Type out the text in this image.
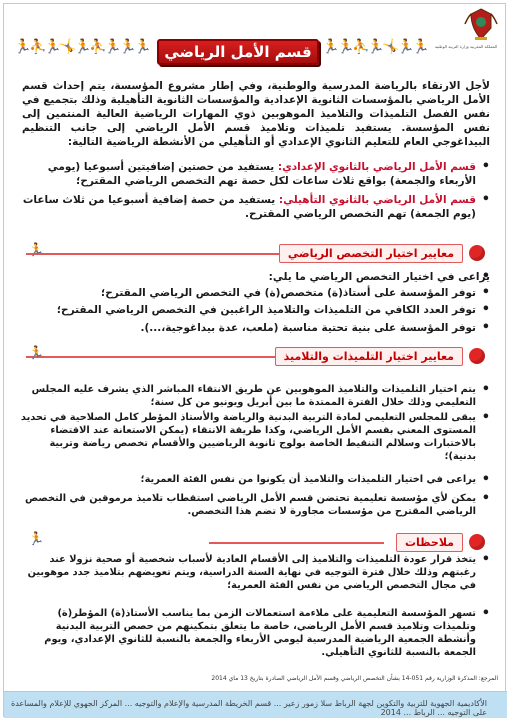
🏃
⛹
🏃
🤸
🏃
⛹
🏃
🏃
🏃 قسم الأمل الرياضي 🏃
🏃
⛹
🏃
🤸
🏃
🏃	المملكة المغربية وزارة التربية الوطنية

لأجل الارتقاء بالرياضة المدرسية والوطنية، وفي إطار مشروع المؤسسة، يتم إحداث قسم الأمل الرياضي بالمؤسسات الثانوية الإعدادية والمؤسسات الثانوية التأهيلية وذلك بتجميع في نفس الفصل التلميذات والتلاميذ الموهوبين ذوي المهارات الرياضية العالية المنتمين إلى نفس المؤسسة. يستفيد تلميذات وتلاميذ قسم الأمل الرياضي إلى جانب التنظيم البيداغوجي العام للتعليم الثانوي الإعدادي أو التأهيلي من الأنشطة الرياضية التالية:

• قسم الأمل الرياضي بالثانوي الإعدادي: يستفيد من حصتين إضافيتين أسبوعيا (يومي الأربعاء والجمعة) بواقع ثلاث ساعات لكل حصة تهم التخصص الرياضي المقترح؛
• قسم الأمل الرياضي بالثانوي التأهيلي: يستفيد من حصة إضافية أسبوعيا من ثلاث ساعات (يوم الجمعة) تهم التخصص الرياضي المقترح.
معايير اختيار التخصص الرياضي
🏃
• يراعى في اختيار التخصص الرياضي ما يلي:
• توفر المؤسسة على أستاذ(ة) متخصص(ة) في التخصص الرياضي المقترح؛
• توفر العدد الكافي من التلميذات والتلاميذ الراغبين في التخصص الرياضي المقترح؛
• توفر المؤسسة على بنية تحتية مناسبة (ملعب، عدة بيداغوجية،...).
معايير اختيار التلميذات والتلاميذ
🏃
• يتم اختيار التلميذات والتلاميذ الموهوبين عن طريق الانتقاء المباشر الذي يشرف عليه المجلس التعليمي وذلك خلال الفترة الممتدة ما بين أبريل ويونيو من كل سنة؛
• يبقى للمجلس التعليمي لمادة التربية البدنية والرياضة والأستاذ المؤطر كامل الصلاحية في تحديد المستوى المعني بقسم الأمل الرياضي، وكذا طريقة الانتقاء (يمكن الاستعانة عند الاقتضاء بالاختبارات وسلالم التنقيط الخاصة بولوج ثانوية الرياضيين والأقسام تخصص رياضة وتربية بدنية)؛
• يراعى في اختيار التلميذات والتلاميذ أن يكونوا من نفس الفئة العمرية؛
• يمكن لأي مؤسسة تعليمية تحتضن قسم الأمل الرياضي استقطاب تلاميذ مرموقين في التخصص الرياضي المقترح من مؤسسات مجاورة لا تضم هذا التخصص.
ملاحظات
🏃
• يتخذ قرار عودة التلميذات والتلاميذ إلى الأقسام العادية لأسباب شخصية أو صحية نزولا عند رغبتهم وذلك خلال فترة التوجيه في نهاية السنة الدراسية، ويتم تعويضهم بتلاميذ جدد موهوبين في مجال التخصص الرياضي من نفس الفئة العمرية؛
• تسهر المؤسسة التعليمية على ملاءمة استعمالات الزمن بما يناسب الأستاذ(ة) المؤطر(ة) وتلميذات وتلاميذ قسم الأمل الرياضي، خاصة ما يتعلق بتمكينهم من حصص التربية البدنية وأنشطة الجمعية الرياضية المدرسية ليومي الأربعاء والجمعة بالنسبة للثانوي الإعدادي، ويوم الجمعة بالنسبة للثانوي التأهيلي.
المرجع: المذكرة الوزارية رقم 051-14 بشأن التخصص الرياضي وقسم الأمل الرياضي الصادرة بتاريخ 13 ماي 2014
الأكاديمية الجهوية للتربية والتكوين لجهة الرباط سلا زمور زعير ... قسم الخريطة المدرسية والإعلام والتوجيه ... المركز الجهوي للإعلام والمساعدة على التوجيه ... الرباط ... 2014
